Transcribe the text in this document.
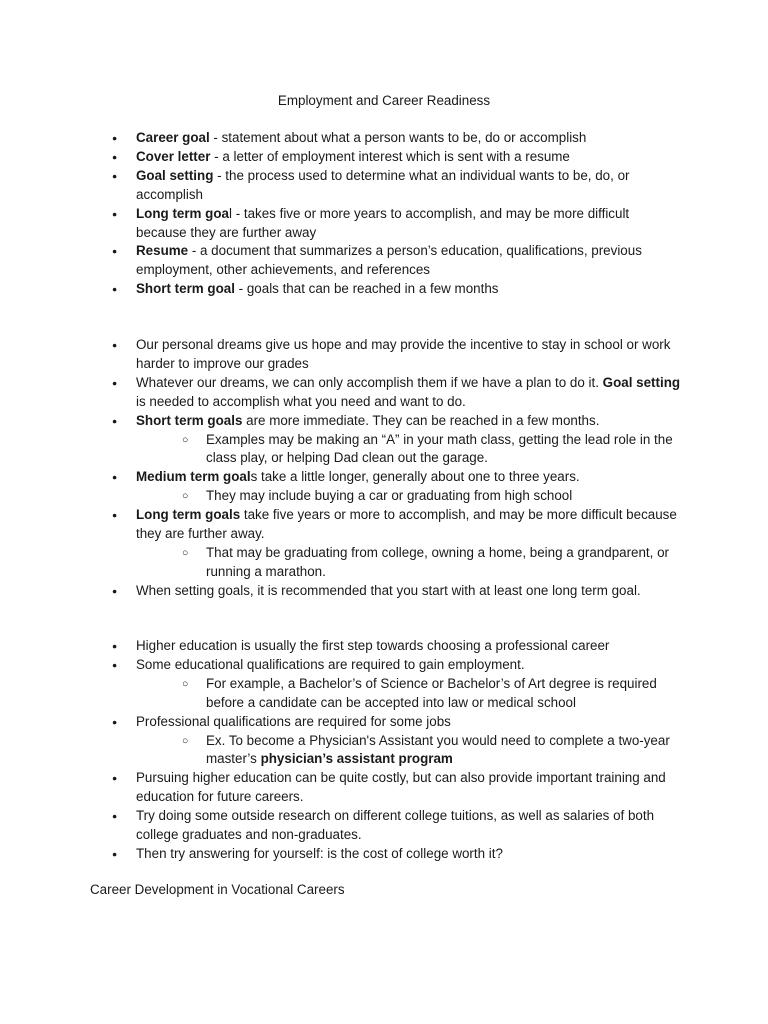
Employment and Career Readiness
● Career goal - statement about what a person wants to be, do or accomplish
● Cover letter - a letter of employment interest which is sent with a resume
● Goal setting - the process used to determine what an individual wants to be, do, or accomplish
● Long term goal - takes five or more years to accomplish, and may be more difficult because they are further away
● Resume - a document that summarizes a person’s education, qualifications, previous employment, other achievements, and references
● Short term goal - goals that can be reached in a few months
● Our personal dreams give us hope and may provide the incentive to stay in school or work harder to improve our grades
● Whatever our dreams, we can only accomplish them if we have a plan to do it. Goal setting is needed to accomplish what you need and want to do.
● Short term goals are more immediate. They can be reached in a few months.
○ Examples may be making an “A” in your math class, getting the lead role in the class play, or helping Dad clean out the garage.
● Medium term goals take a little longer, generally about one to three years.
○ They may include buying a car or graduating from high school
● Long term goals take five years or more to accomplish, and may be more difficult because they are further away.
○ That may be graduating from college, owning a home, being a grandparent, or running a marathon.
● When setting goals, it is recommended that you start with at least one long term goal.
● Higher education is usually the first step towards choosing a professional career
● Some educational qualifications are required to gain employment.
○ For example, a Bachelor’s of Science or Bachelor’s of Art degree is required before a candidate can be accepted into law or medical school
● Professional qualifications are required for some jobs
○ Ex. To become a Physician's Assistant you would need to complete a two-year master’s physician’s assistant program
● Pursuing higher education can be quite costly, but can also provide important training and education for future careers.
● Try doing some outside research on different college tuitions, as well as salaries of both college graduates and non-graduates.
● Then try answering for yourself: is the cost of college worth it?
Career Development in Vocational Careers
